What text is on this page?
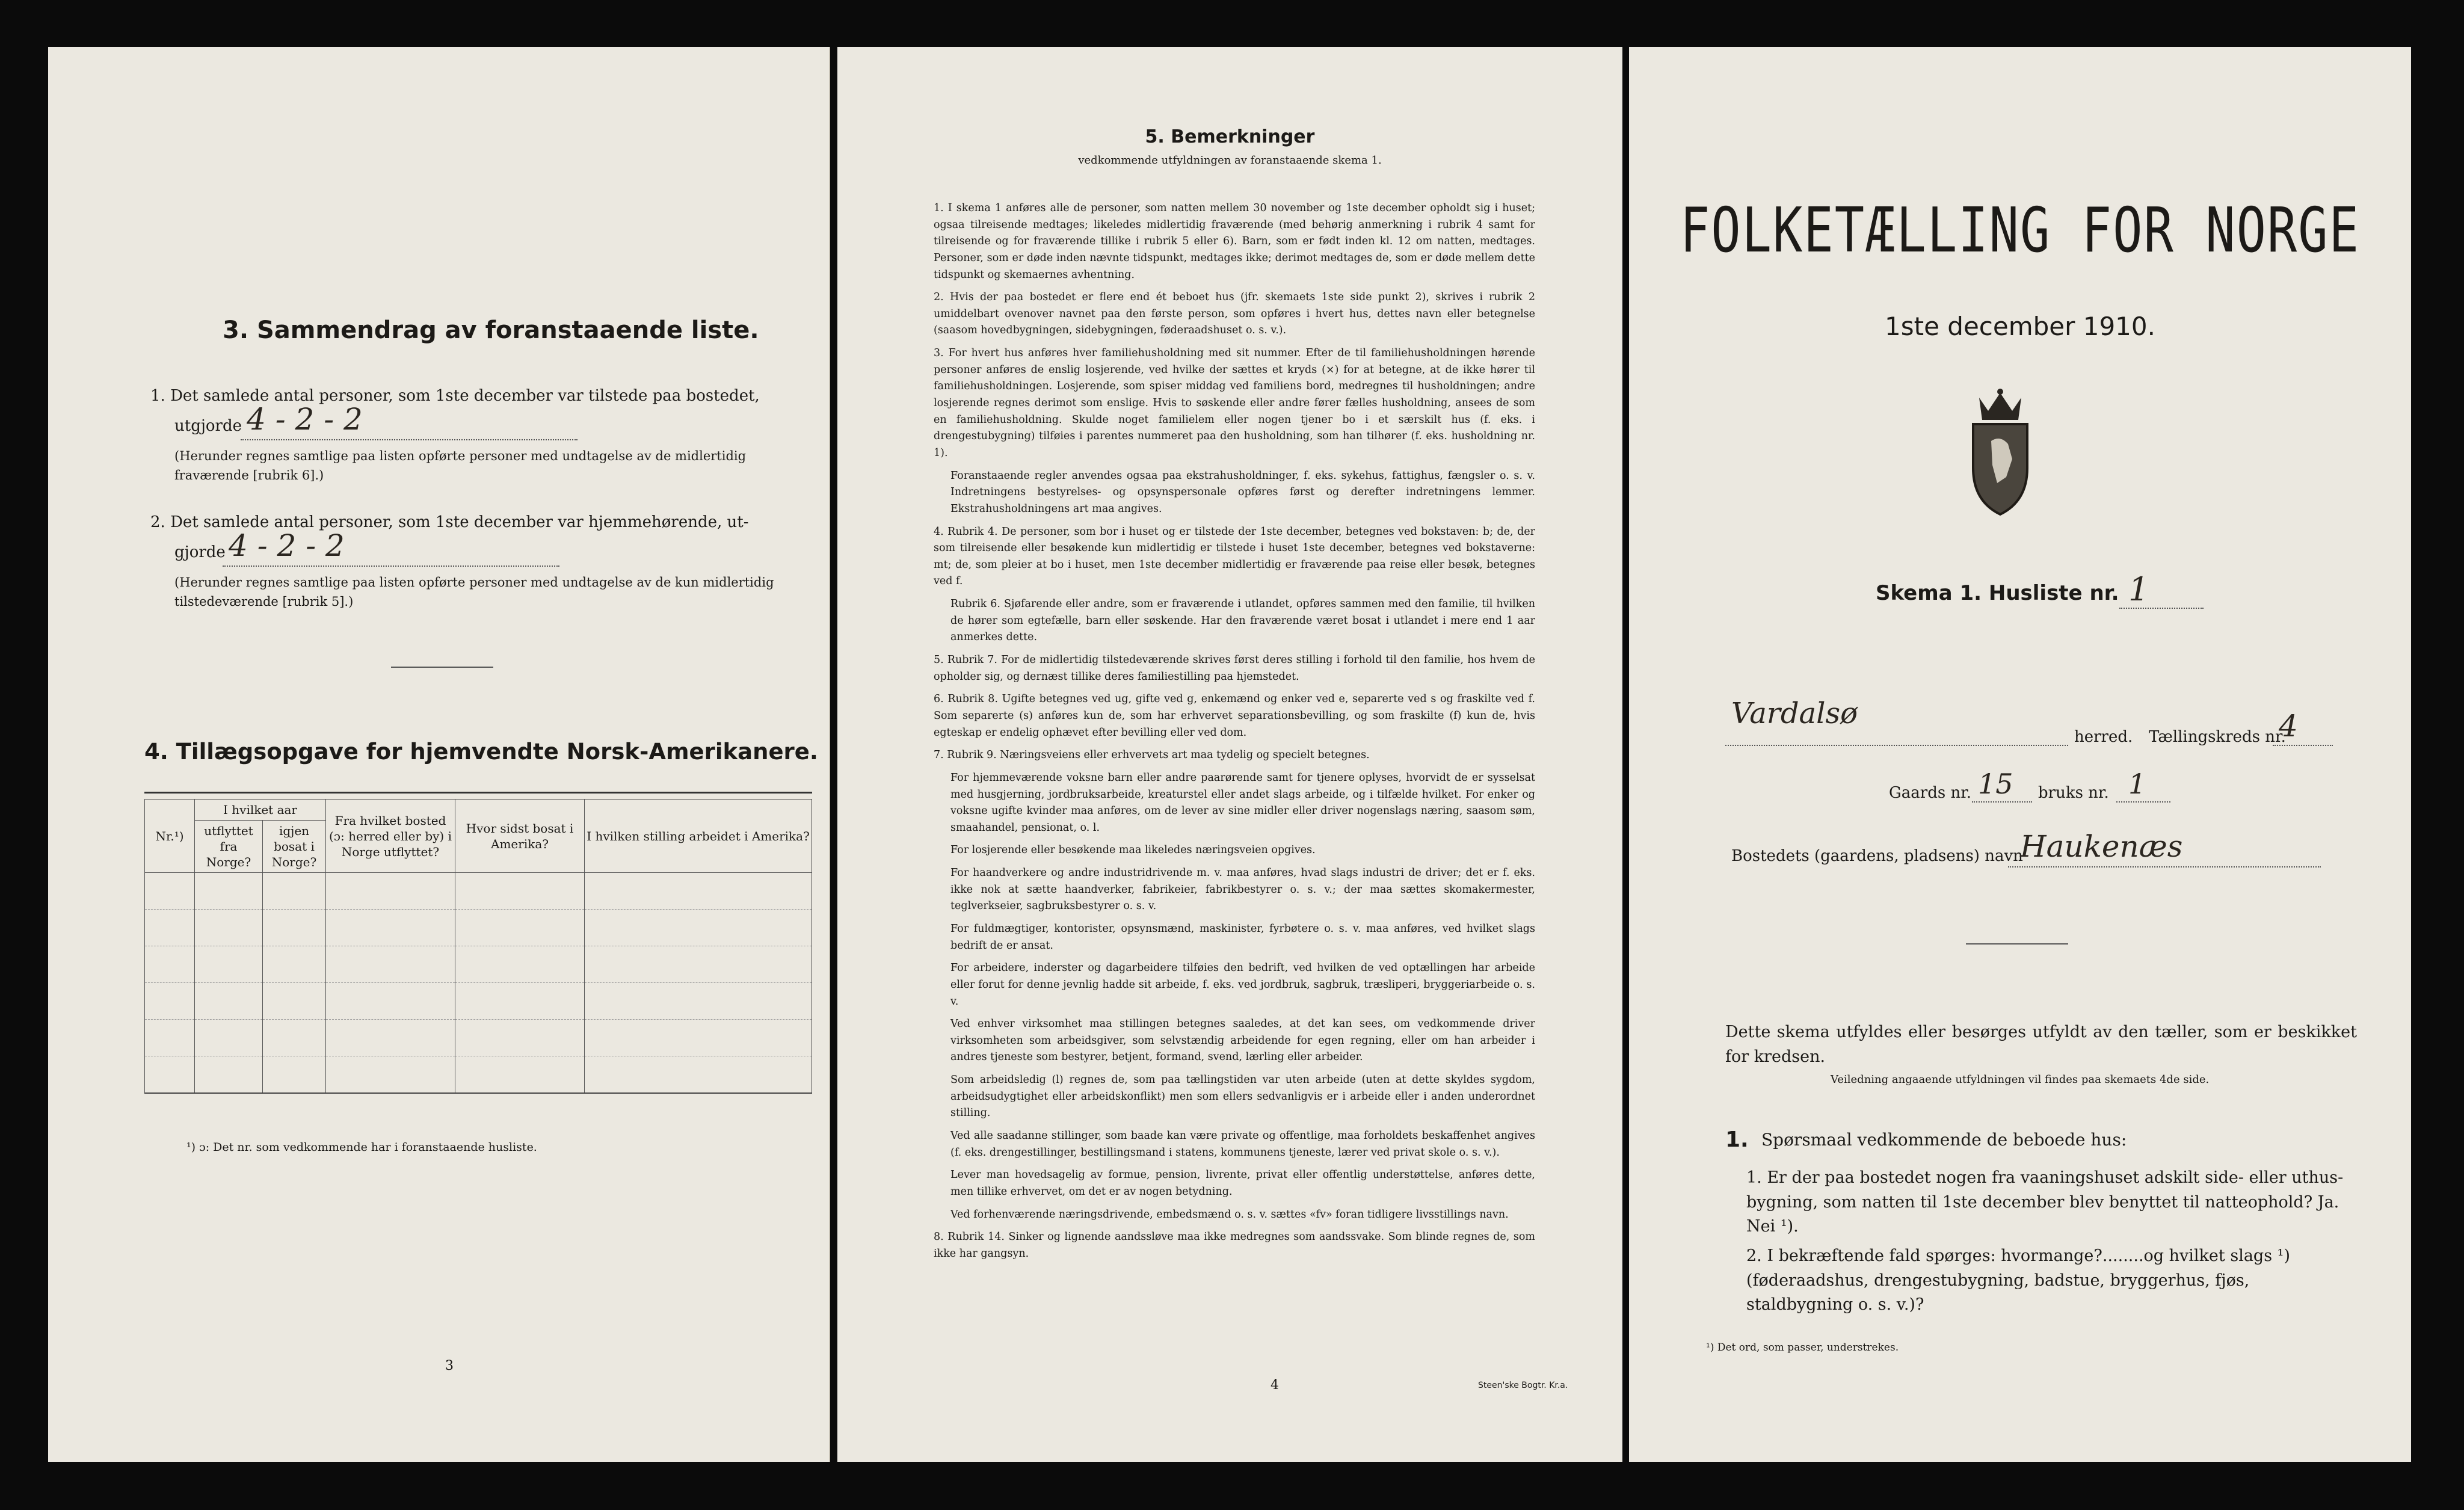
3. Sammendrag av foranstaaende liste.
1. Det samlede antal personer, som 1ste december var tilstede paa bostedet,
utgjorde 4 - 2 - 2
(Herunder regnes samtlige paa listen opførte personer med undtagelse av de midlertidig fraværende [rubrik 6].)
2. Det samlede antal personer, som 1ste december var hjemmehørende, ut-
gjorde 4 - 2 - 2
(Herunder regnes samtlige paa listen opførte personer med undtagelse av de kun midlertidig tilstedeværende [rubrik 5].)
4. Tillægsopgave for hjemvendte Norsk-Amerikanere.
Nr.¹)	I hvilket aar		Fra hvilket bosted (ɔ: herred eller by) i Norge utflyttet?	Hvor sidst bosat i Amerika?	I hvilken stilling arbeidet i Amerika?
	utflyttet fra Norge?	igjen bosat i Norge?			

¹) ɔ: Det nr. som vedkommende har i foranstaaende husliste.
3
5. Bemerkninger
vedkommende utfyldningen av foranstaaende skema 1.

1. I skema 1 anføres alle de personer, som natten mellem 30 november og 1ste december opholdt sig i huset; ogsaa tilreisende medtages; likeledes midlertidig fraværende (med behørig anmerkning i rubrik 4 samt for tilreisende og for fraværende tillike i rubrik 5 eller 6). Barn, som er født inden kl. 12 om natten, medtages. Personer, som er døde inden nævnte tidspunkt, medtages ikke; derimot medtages de, som er døde mellem dette tidspunkt og skemaernes avhentning.

2. Hvis der paa bostedet er flere end ét beboet hus (jfr. skemaets 1ste side punkt 2), skrives i rubrik 2 umiddelbart ovenover navnet paa den første person, som opføres i hvert hus, dettes navn eller betegnelse (saasom hovedbygningen, sidebygningen, føderaadshuset o. s. v.).

3. For hvert hus anføres hver familiehusholdning med sit nummer. Efter de til familiehusholdningen hørende personer anføres de enslig losjerende, ved hvilke der sættes et kryds (×) for at betegne, at de ikke hører til familiehusholdningen. Losjerende, som spiser middag ved familiens bord, medregnes til husholdningen; andre losjerende regnes derimot som enslige. Hvis to søskende eller andre fører fælles husholdning, ansees de som en familiehusholdning. Skulde noget familielem eller nogen tjener bo i et særskilt hus (f. eks. i drengestubygning) tilføies i parentes nummeret paa den husholdning, som han tilhører (f. eks. husholdning nr. 1).

Foranstaaende regler anvendes ogsaa paa ekstrahusholdninger, f. eks. sykehus, fattighus, fængsler o. s. v. Indretningens bestyrelses- og opsynspersonale opføres først og derefter indretningens lemmer. Ekstrahusholdningens art maa angives.

4. Rubrik 4. De personer, som bor i huset og er tilstede der 1ste december, betegnes ved bokstaven: b; de, der som tilreisende eller besøkende kun midlertidig er tilstede i huset 1ste december, betegnes ved bokstaverne: mt; de, som pleier at bo i huset, men 1ste december midlertidig er fraværende paa reise eller besøk, betegnes ved f.

Rubrik 6. Sjøfarende eller andre, som er fraværende i utlandet, opføres sammen med den familie, til hvilken de hører som egtefælle, barn eller søskende. Har den fraværende været bosat i utlandet i mere end 1 aar anmerkes dette.

5. Rubrik 7. For de midlertidig tilstedeværende skrives først deres stilling i forhold til den familie, hos hvem de opholder sig, og dernæst tillike deres familiestilling paa hjemstedet.

6. Rubrik 8. Ugifte betegnes ved ug, gifte ved g, enkemænd og enker ved e, separerte ved s og fraskilte ved f. Som separerte (s) anføres kun de, som har erhvervet separationsbevilling, og som fraskilte (f) kun de, hvis egteskap er endelig ophævet efter bevilling eller ved dom.

7. Rubrik 9. Næringsveiens eller erhvervets art maa tydelig og specielt betegnes.

For hjemmeværende voksne barn eller andre paarørende samt for tjenere oplyses, hvorvidt de er sysselsat med husgjerning, jordbruksarbeide, kreaturstel eller andet slags arbeide, og i tilfælde hvilket. For enker og voksne ugifte kvinder maa anføres, om de lever av sine midler eller driver nogenslags næring, saasom søm, smaahandel, pensionat, o. l.

For losjerende eller besøkende maa likeledes næringsveien opgives.

For haandverkere og andre industridrivende m. v. maa anføres, hvad slags industri de driver; det er f. eks. ikke nok at sætte haandverker, fabrikeier, fabrikbestyrer o. s. v.; der maa sættes skomakermester, teglverkseier, sagbruksbestyrer o. s. v.

For fuldmægtiger, kontorister, opsynsmænd, maskinister, fyrbøtere o. s. v. maa anføres, ved hvilket slags bedrift de er ansat.

For arbeidere, inderster og dagarbeidere tilføies den bedrift, ved hvilken de ved optællingen har arbeide eller forut for denne jevnlig hadde sit arbeide, f. eks. ved jordbruk, sagbruk, træsliperi, bryggeriarbeide o. s. v.

Ved enhver virksomhet maa stillingen betegnes saaledes, at det kan sees, om vedkommende driver virksomheten som arbeidsgiver, som selvstændig arbeidende for egen regning, eller om han arbeider i andres tjeneste som bestyrer, betjent, formand, svend, lærling eller arbeider.

Som arbeidsledig (l) regnes de, som paa tællingstiden var uten arbeide (uten at dette skyldes sygdom, arbeidsudygtighet eller arbeidskonflikt) men som ellers sedvanligvis er i arbeide eller i anden underordnet stilling.

Ved alle saadanne stillinger, som baade kan være private og offentlige, maa forholdets beskaffenhet angives (f. eks. drengestillinger, bestillingsmand i statens, kommunens tjeneste, lærer ved privat skole o. s. v.).

Lever man hovedsagelig av formue, pension, livrente, privat eller offentlig understøttelse, anføres dette, men tillike erhvervet, om det er av nogen betydning.

Ved forhenværende næringsdrivende, embedsmænd o. s. v. sættes «fv» foran tidligere livsstillings navn.

8. Rubrik 14. Sinker og lignende aandssløve maa ikke medregnes som aandssvake. Som blinde regnes de, som ikke har gangsyn.

4	Steen'ske Bogtr. Kr.a.
FOLKETÆLLING FOR NORGE
1ste december 1910.
Skema 1. Husliste nr. 1
Vardalsø
herred. Tællingskreds nr.
4
Gaards nr. 15 bruks nr. 1
Bostedets (gaardens, pladsens) navn
Haukenæs
Dette skema utfyldes eller besørges utfyldt av den tæller, som er beskikket for kredsen.
Veiledning angaaende utfyldningen vil findes paa skemaets 4de side.
1. Spørsmaal vedkommende de beboede hus:
1. Er der paa bostedet nogen fra vaaningshuset adskilt side- eller uthus-bygning, som natten til 1ste december blev benyttet til natteophold? Ja. Nei ¹).
2. I bekræftende fald spørges: hvormange?........og hvilket slags ¹) (føderaadshus, drengestubygning, badstue, bryggerhus, fjøs, staldbygning o. s. v.)?
¹) Det ord, som passer, understrekes.
